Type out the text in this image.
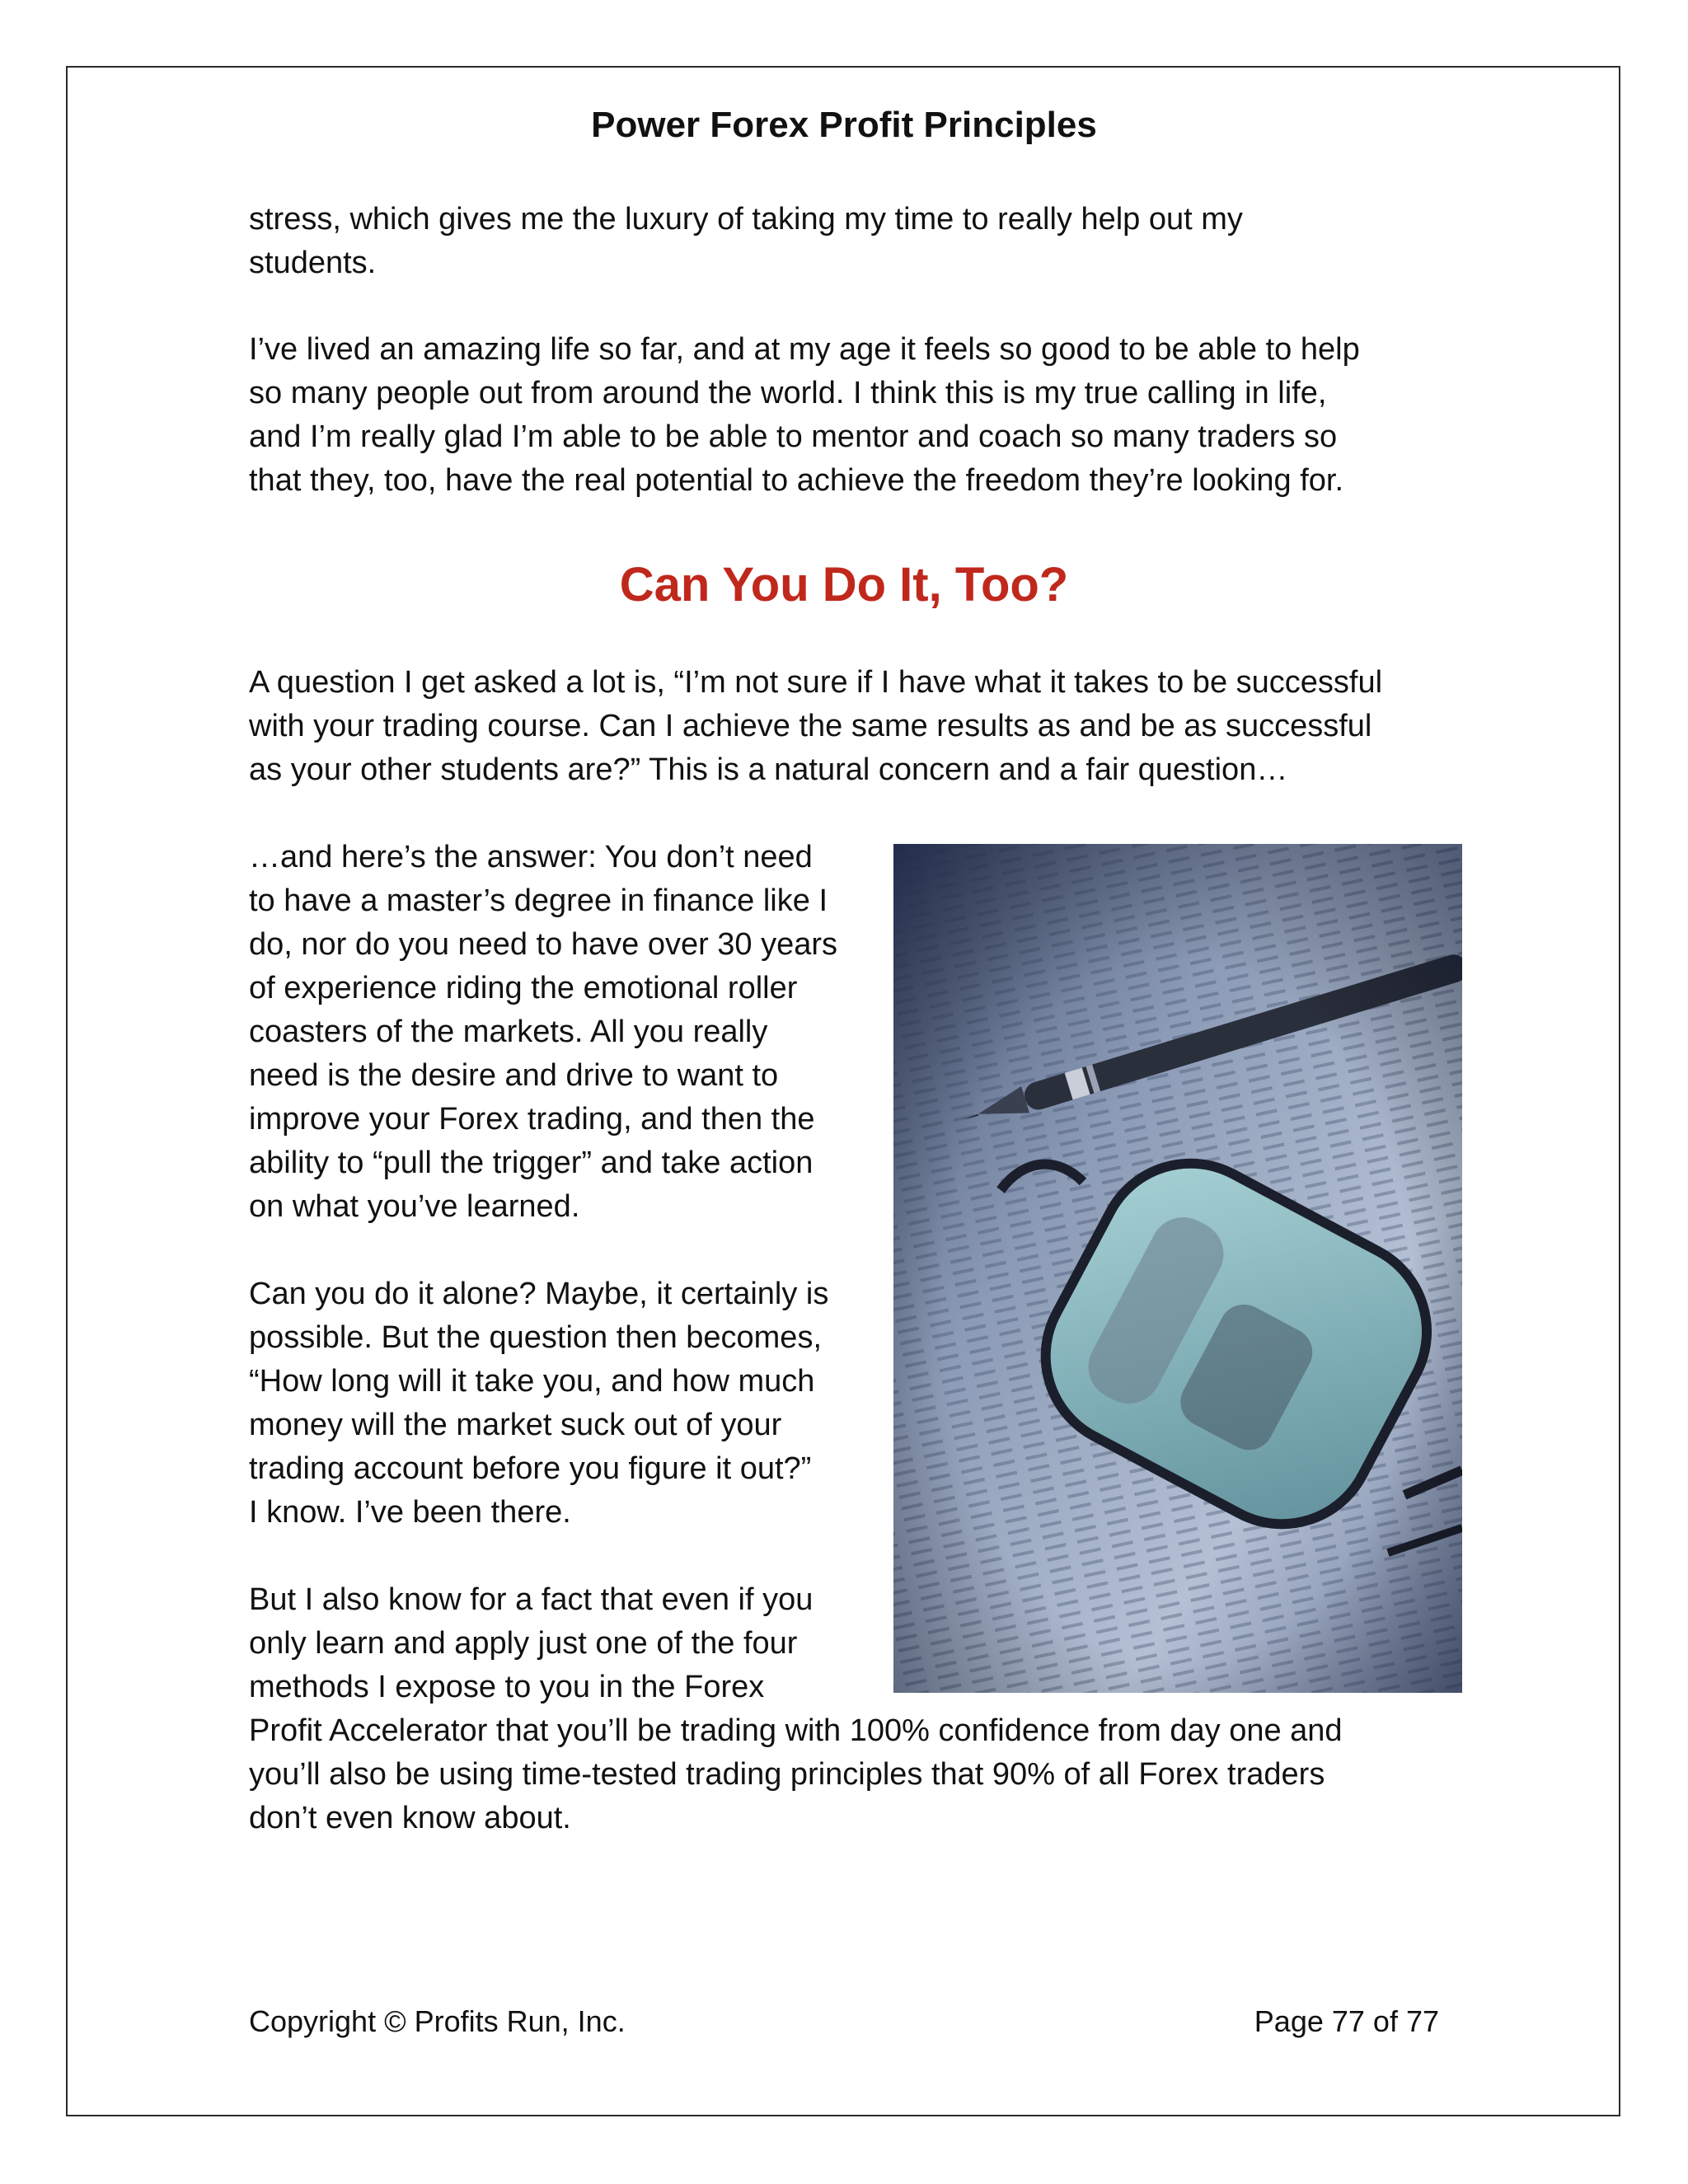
Power Forex Profit Principles
stress, which gives me the luxury of taking my time to really help out my
students.
I’ve lived an amazing life so far, and at my age it feels so good to be able to help
so many people out from around the world. I think this is my true calling in life,
and I’m really glad I’m able to be able to mentor and coach so many traders so
that they, too, have the real potential to achieve the freedom they’re looking for.
Can You Do It, Too?
A question I get asked a lot is, “I’m not sure if I have what it takes to be successful
with your trading course. Can I achieve the same results as and be as successful
as your other students are?” This is a natural concern and a fair question…
…and here’s the answer: You don’t need
to have a master’s degree in finance like I
do, nor do you need to have over 30 years
of experience riding the emotional roller
coasters of the markets. All you really
need is the desire and drive to want to
improve your Forex trading, and then the
ability to “pull the trigger” and take action
on what you’ve learned.
Can you do it alone? Maybe, it certainly is
possible. But the question then becomes,
“How long will it take you, and how much
money will the market suck out of your
trading account before you figure it out?”
I know. I’ve been there.
But I also know for a fact that even if you
only learn and apply just one of the four
methods I expose to you in the Forex
Profit Accelerator that you’ll be trading with 100% confidence from day one and
you’ll also be using time-tested trading principles that 90% of all Forex traders
don’t even know about.
Copyright © Profits Run, Inc.	Page 77 of 77
